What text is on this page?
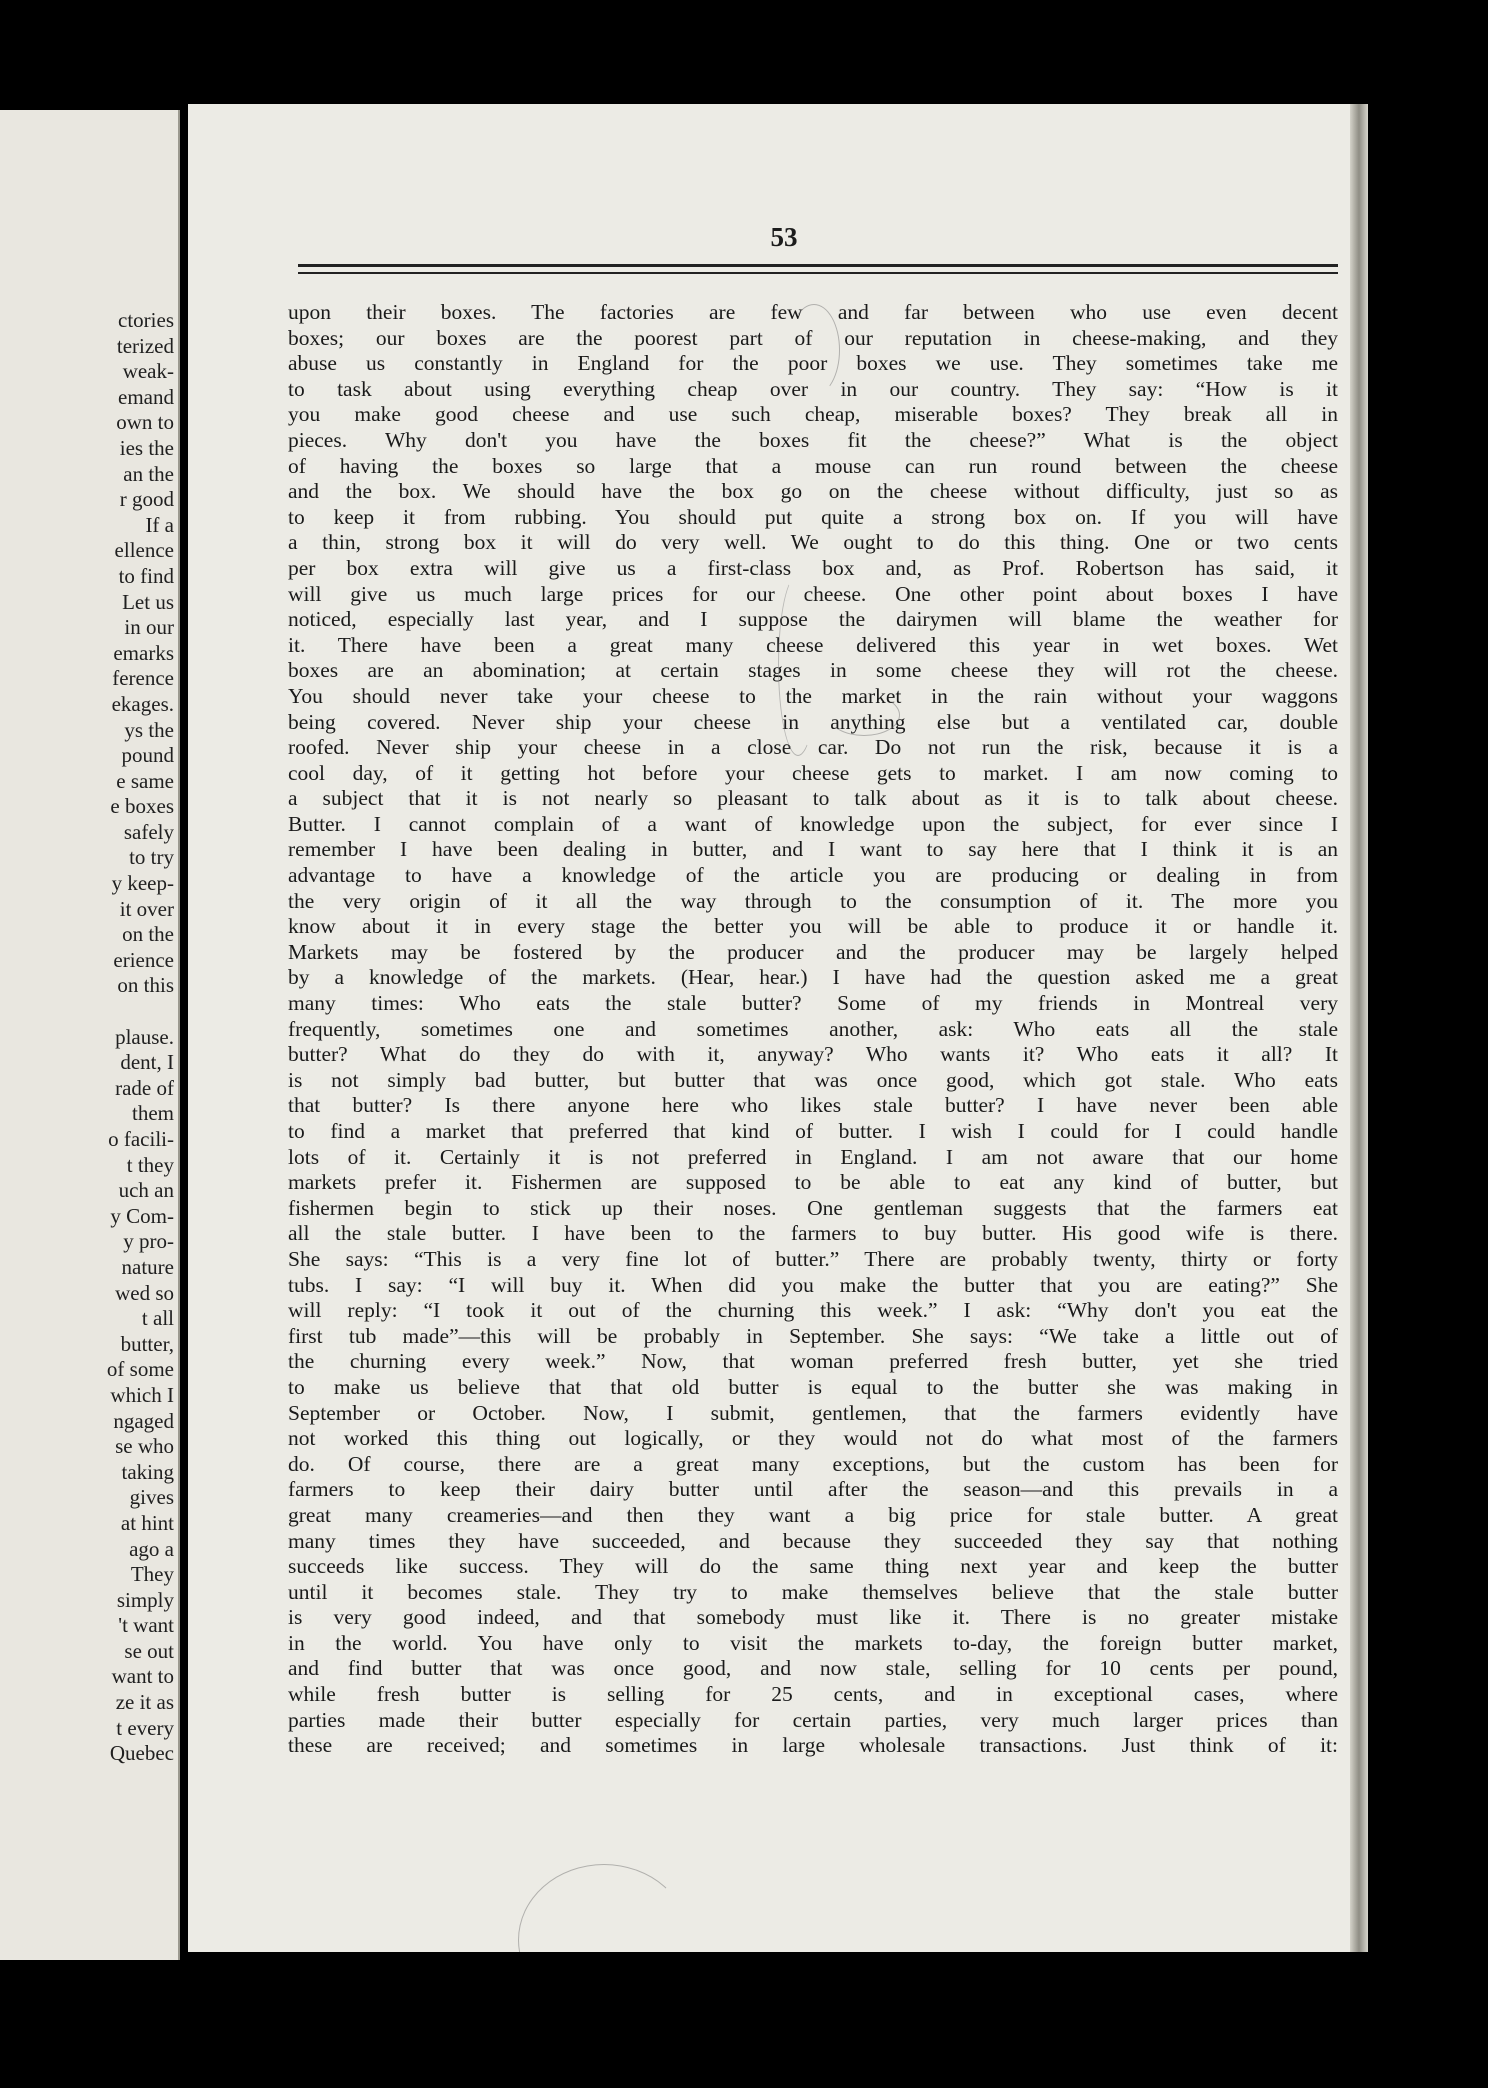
ctories
terized
weak-
emand
own to
ies the
an the
r good
If a
ellence
to find
Let us
in our
emarks
ference
ekages.
ys the
pound
e same
e boxes
safely
to try
y keep-
it over
on the
erience
on this
plause.
dent, I
rade of
them
o facili-
t they
uch an
y Com-
y pro-
nature
wed so
t all
butter,
of some
which I
ngaged
se who
taking
gives
at hint
ago a
They
simply
't want
se out
want to
ze it as
t every
Quebec
53
upon their boxes. The factories are few and far between who use even decent
boxes; our boxes are the poorest part of our reputation in cheese-making, and they
abuse us constantly in England for the poor boxes we use. They sometimes take me
to task about using everything cheap over in our country. They say: “How is it
you make good cheese and use such cheap, miserable boxes? They break all in
pieces. Why don't you have the boxes fit the cheese?” What is the object
of having the boxes so large that a mouse can run round between the cheese
and the box. We should have the box go on the cheese without difficulty, just so as
to keep it from rubbing. You should put quite a strong box on. If you will have
a thin, strong box it will do very well. We ought to do this thing. One or two cents
per box extra will give us a first-class box and, as Prof. Robertson has said, it
will give us much large prices for our cheese. One other point about boxes I have
noticed, especially last year, and I suppose the dairymen will blame the weather for
it. There have been a great many cheese delivered this year in wet boxes. Wet
boxes are an abomination; at certain stages in some cheese they will rot the cheese.
You should never take your cheese to the market in the rain without your waggons
being covered. Never ship your cheese in anything else but a ventilated car, double
roofed. Never ship your cheese in a close car. Do not run the risk, because it is a
cool day, of it getting hot before your cheese gets to market. I am now coming to
a subject that it is not nearly so pleasant to talk about as it is to talk about cheese.
Butter. I cannot complain of a want of knowledge upon the subject, for ever since I
remember I have been dealing in butter, and I want to say here that I think it is an
advantage to have a knowledge of the article you are producing or dealing in from
the very origin of it all the way through to the consumption of it. The more you
know about it in every stage the better you will be able to produce it or handle it.
Markets may be fostered by the producer and the producer may be largely helped
by a knowledge of the markets. (Hear, hear.) I have had the question asked me a great
many times: Who eats the stale butter? Some of my friends in Montreal very
frequently, sometimes one and sometimes another, ask: Who eats all the stale
butter? What do they do with it, anyway? Who wants it? Who eats it all? It
is not simply bad butter, but butter that was once good, which got stale. Who eats
that butter? Is there anyone here who likes stale butter? I have never been able
to find a market that preferred that kind of butter. I wish I could for I could handle
lots of it. Certainly it is not preferred in England. I am not aware that our home
markets prefer it. Fishermen are supposed to be able to eat any kind of butter, but
fishermen begin to stick up their noses. One gentleman suggests that the farmers eat
all the stale butter. I have been to the farmers to buy butter. His good wife is there.
She says: “This is a very fine lot of butter.” There are probably twenty, thirty or forty
tubs. I say: “I will buy it. When did you make the butter that you are eating?” She
will reply: “I took it out of the churning this week.” I ask: “Why don't you eat the
first tub made”—this will be probably in September. She says: “We take a little out of
the churning every week.” Now, that woman preferred fresh butter, yet she tried
to make us believe that that old butter is equal to the butter she was making in
September or October. Now, I submit, gentlemen, that the farmers evidently have
not worked this thing out logically, or they would not do what most of the farmers
do. Of course, there are a great many exceptions, but the custom has been for
farmers to keep their dairy butter until after the season—and this prevails in a
great many creameries—and then they want a big price for stale butter. A great
many times they have succeeded, and because they succeeded they say that nothing
succeeds like success. They will do the same thing next year and keep the butter
until it becomes stale. They try to make themselves believe that the stale butter
is very good indeed, and that somebody must like it. There is no greater mistake
in the world. You have only to visit the markets to-day, the foreign butter market,
and find butter that was once good, and now stale, selling for 10 cents per pound,
while fresh butter is selling for 25 cents, and in exceptional cases, where
parties made their butter especially for certain parties, very much larger prices than
these are received; and sometimes in large wholesale transactions. Just think of it:
